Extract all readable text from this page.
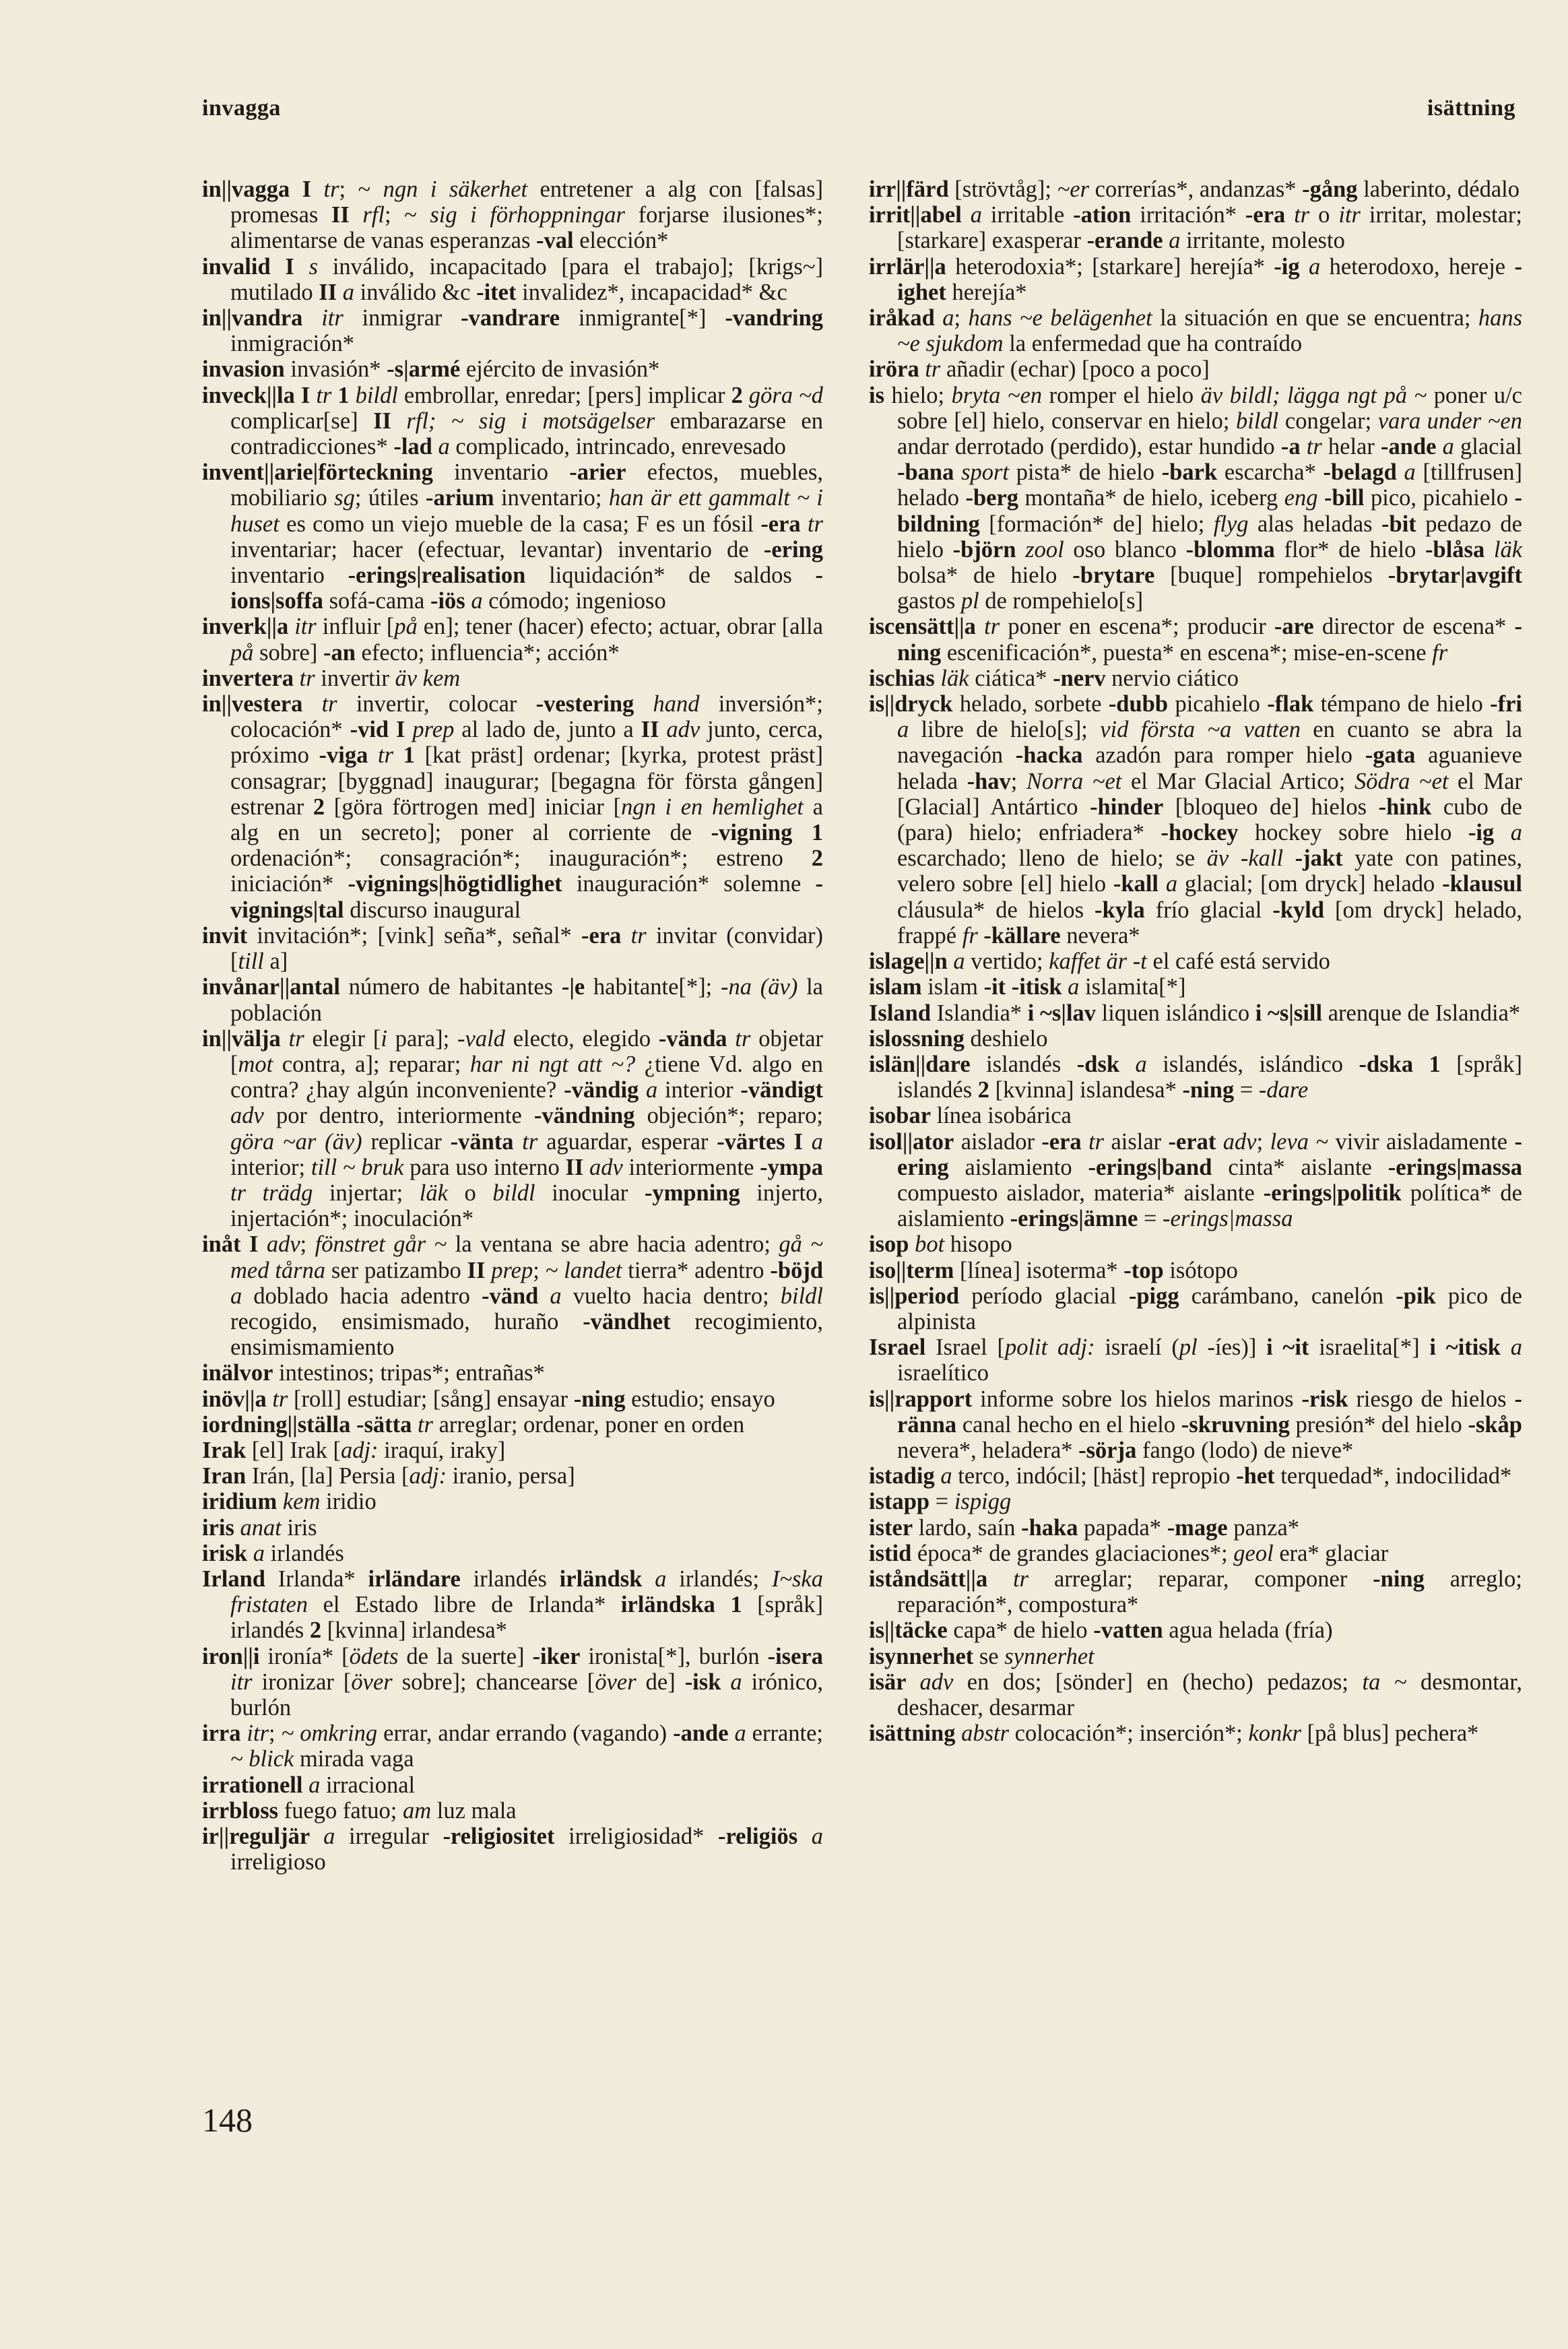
invagga	isättning

in||vagga I tr; ~ ngn i säkerhet entretener a alg con [falsas] promesas II rfl; ~ sig i förhoppningar forjarse ilusiones*; alimentarse de vanas esperanzas -val elección*

invalid I s inválido, incapacitado [para el trabajo]; [krigs~] mutilado II a inválido &c -itet invalidez*, incapacidad* &c

in||vandra itr inmigrar -vandrare inmigrante[*] -vandring inmigración*

invasion invasión* -s|armé ejército de invasión*

inveck||la I tr 1 bildl embrollar, enredar; [pers] implicar 2 göra ~d complicar[se] II rfl; ~ sig i motsägelser embarazarse en contradicciones* -lad a complicado, intrincado, enrevesado

invent||arie|förteckning inventario -arier efectos, muebles, mobiliario sg; útiles -arium inventario; han är ett gammalt ~ i huset es como un viejo mueble de la casa; F es un fósil -era tr inventariar; hacer (efectuar, levantar) inventario de -ering inventario -erings|realisation liquidación* de saldos -ions|soffa sofá-cama -iös a cómodo; ingenioso

inverk||a itr influir [på en]; tener (hacer) efecto; actuar, obrar [alla på sobre] -an efecto; influencia*; acción*

invertera tr invertir äv kem

in||vestera tr invertir, colocar -vestering hand inversión*; colocación* -vid I prep al lado de, junto a II adv junto, cerca, próximo -viga tr 1 [kat präst] ordenar; [kyrka, protest präst] consagrar; [byggnad] inaugurar; [begagna för första gången] estrenar 2 [göra förtrogen med] iniciar [ngn i en hemlighet a alg en un secreto]; poner al corriente de -vigning 1 ordenación*; consagración*; inauguración*; estreno 2 iniciación* -vignings|högtidlighet inauguración* solemne -vignings|tal discurso inaugural

invit invitación*; [vink] seña*, señal* -era tr invitar (convidar) [till a]

invånar||antal número de habitantes -|e habitante[*]; -na (äv) la población

in||välja tr elegir [i para]; -vald electo, elegido -vända tr objetar [mot contra, a]; reparar; har ni ngt att ~? ¿tiene Vd. algo en contra? ¿hay algún inconveniente? -vändig a interior -vändigt adv por dentro, interiormente -vändning objeción*; reparo; göra ~ar (äv) replicar -vänta tr aguardar, esperar -värtes I a interior; till ~ bruk para uso interno II adv interiormente -ympa tr trädg injertar; läk o bildl inocular -ympning injerto, injertación*; inoculación*

inåt I adv; fönstret går ~ la ventana se abre hacia adentro; gå ~ med tårna ser patizambo II prep; ~ landet tierra* adentro -böjd a doblado hacia adentro -vänd a vuelto hacia dentro; bildl recogido, ensimismado, huraño -vändhet recogimiento, ensimismamiento

inälvor intestinos; tripas*; entrañas*

inöv||a tr [roll] estudiar; [sång] ensayar -ning estudio; ensayo

iordning||ställa -sätta tr arreglar; ordenar, poner en orden

Irak [el] Irak [adj: iraquí, iraky]

Iran Irán, [la] Persia [adj: iranio, persa]

iridium kem iridio

iris anat iris

irisk a irlandés

Irland Irlanda* irländare irlandés irländsk a irlandés; I~ska fristaten el Estado libre de Irlanda* irländska 1 [språk] irlandés 2 [kvinna] irlandesa*

iron||i ironía* [ödets de la suerte] -iker ironista[*], burlón -isera itr ironizar [över sobre]; chancearse [över de] -isk a irónico, burlón

irra itr; ~ omkring errar, andar errando (vagando) -ande a errante; ~ blick mirada vaga

irrationell a irracional

irrbloss fuego fatuo; am luz mala

ir||reguljär a irregular -religiositet irreligiosidad* -religiös a irreligioso

irr||färd [strövtåg]; ~er correrías*, andanzas* -gång laberinto, dédalo

irrit||abel a irritable -ation irritación* -era tr o itr irritar, molestar; [starkare] exasperar -erande a irritante, molesto

irrlär||a heterodoxia*; [starkare] herejía* -ig a heterodoxo, hereje -ighet herejía*

iråkad a; hans ~e belägenhet la situación en que se encuentra; hans ~e sjukdom la enfermedad que ha contraído

iröra tr añadir (echar) [poco a poco]

is hielo; bryta ~en romper el hielo äv bildl; lägga ngt på ~ poner u/c sobre [el] hielo, conservar en hielo; bildl congelar; vara under ~en andar derrotado (perdido), estar hundido -a tr helar -ande a glacial -bana sport pista* de hielo -bark escarcha* -belagd a [tillfrusen] helado -berg montaña* de hielo, iceberg eng -bill pico, picahielo -bildning [formación* de] hielo; flyg alas heladas -bit pedazo de hielo -björn zool oso blanco -blomma flor* de hielo -blåsa läk bolsa* de hielo -brytare [buque] rompehielos -brytar|avgift gastos pl de rompehielo[s]

iscensätt||a tr poner en escena*; producir -are director de escena* -ning escenificación*, puesta* en escena*; mise-en-scene fr

ischias läk ciática* -nerv nervio ciático

is||dryck helado, sorbete -dubb picahielo -flak témpano de hielo -fri a libre de hielo[s]; vid första ~a vatten en cuanto se abra la navegación -hacka azadón para romper hielo -gata aguanieve helada -hav; Norra ~et el Mar Glacial Artico; Södra ~et el Mar [Glacial] Antártico -hinder [bloqueo de] hielos -hink cubo de (para) hielo; enfriadera* -hockey hockey sobre hielo -ig a escarchado; lleno de hielo; se äv -kall -jakt yate con patines, velero sobre [el] hielo -kall a glacial; [om dryck] helado -klausul cláusula* de hielos -kyla frío glacial -kyld [om dryck] helado, frappé fr -källare nevera*

islage||n a vertido; kaffet är -t el café está servido

islam islam -it -itisk a islamita[*]

Island Islandia* i ~s|lav liquen islándico i ~s|sill arenque de Islandia*

islossning deshielo

islän||dare islandés -dsk a islandés, islándico -dska 1 [språk] islandés 2 [kvinna] islandesa* -ning = -dare

isobar línea isobárica

isol||ator aislador -era tr aislar -erat adv; leva ~ vivir aisladamente -ering aislamiento -erings|band cinta* aislante -erings|massa compuesto aislador, materia* aislante -erings|politik política* de aislamiento -erings|ämne = -erings|massa

isop bot hisopo

iso||term [línea] isoterma* -top isótopo

is||period período glacial -pigg carámbano, canelón -pik pico de alpinista

Israel Israel [polit adj: israelí (pl -íes)] i ~it israelita[*] i ~itisk a israelítico

is||rapport informe sobre los hielos marinos -risk riesgo de hielos -ränna canal hecho en el hielo -skruvning presión* del hielo -skåp nevera*, heladera* -sörja fango (lodo) de nieve*

istadig a terco, indócil; [häst] repropio -het terquedad*, indocilidad*

istapp = ispigg

ister lardo, saín -haka papada* -mage panza*

istid época* de grandes glaciaciones*; geol era* glaciar

iståndsätt||a tr arreglar; reparar, componer -ning arreglo; reparación*, compostura*

is||täcke capa* de hielo -vatten agua helada (fría)

isynnerhet se synnerhet

isär adv en dos; [sönder] en (hecho) pedazos; ta ~ desmontar, deshacer, desarmar

isättning abstr colocación*; inserción*; konkr [på blus] pechera*

148
